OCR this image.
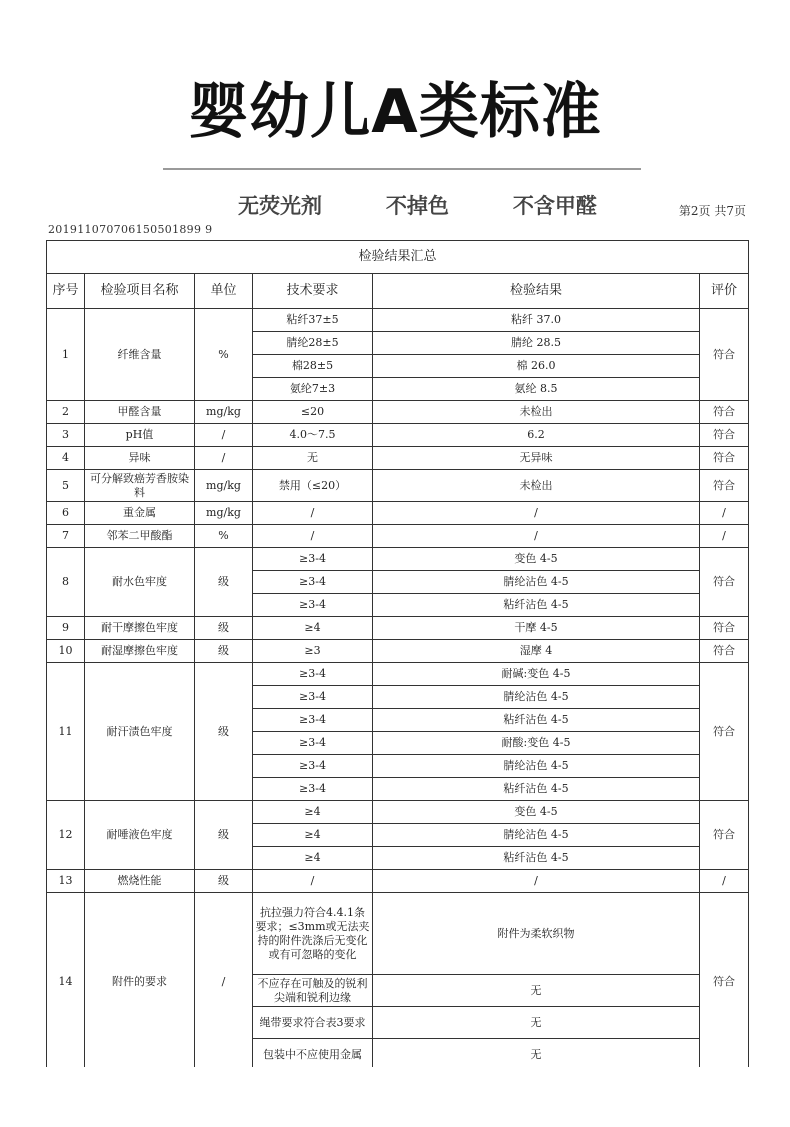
婴幼儿A类标准
无荧光剂   不掉色   不含甲醛	第2页 共7页
201911070706150501899 9
检验结果汇总					
序号	检验项目名称	单位	技术要求	检验结果	评价
1	纤维含量	%	粘纤37±5	粘纤 37.0	符合
			腈纶28±5	腈纶 28.5	
			棉28±5	棉 26.0	
			氨纶7±3	氨纶 8.5	
2	甲醛含量	mg/kg	≤20	未检出	符合
3	pH值	/	4.0～7.5	6.2	符合
4	异味	/	无	无异味	符合
5	可分解致癌芳香胺染料	mg/kg	禁用（≤20）	未检出	符合
6	重金属	mg/kg	/	/	/
7	邻苯二甲酸酯	%	/	/	/
8	耐水色牢度	级	≥3-4	变色 4-5	符合
			≥3-4	腈纶沾色 4-5	
			≥3-4	粘纤沾色 4-5	
9	耐干摩擦色牢度	级	≥4	干摩 4-5	符合
10	耐湿摩擦色牢度	级	≥3	湿摩 4	符合
11	耐汗渍色牢度	级	≥3-4	耐碱:变色 4-5	符合
			≥3-4	腈纶沾色 4-5	
			≥3-4	粘纤沾色 4-5	
			≥3-4	耐酸:变色 4-5	
			≥3-4	腈纶沾色 4-5	
			≥3-4	粘纤沾色 4-5	
12	耐唾液色牢度	级	≥4	变色 4-5	符合
			≥4	腈纶沾色 4-5	
			≥4	粘纤沾色 4-5	
13	燃烧性能	级	/	/	/
14	附件的要求	/	抗拉强力符合4.4.1条要求；≤3mm或无法夹持的附件洗涤后无变化或有可忽略的变化	附件为柔软织物	符合
			不应存在可触及的锐利尖端和锐利边缘	无	
			绳带要求符合表3要求	无	
			包装中不应使用金属	无	
